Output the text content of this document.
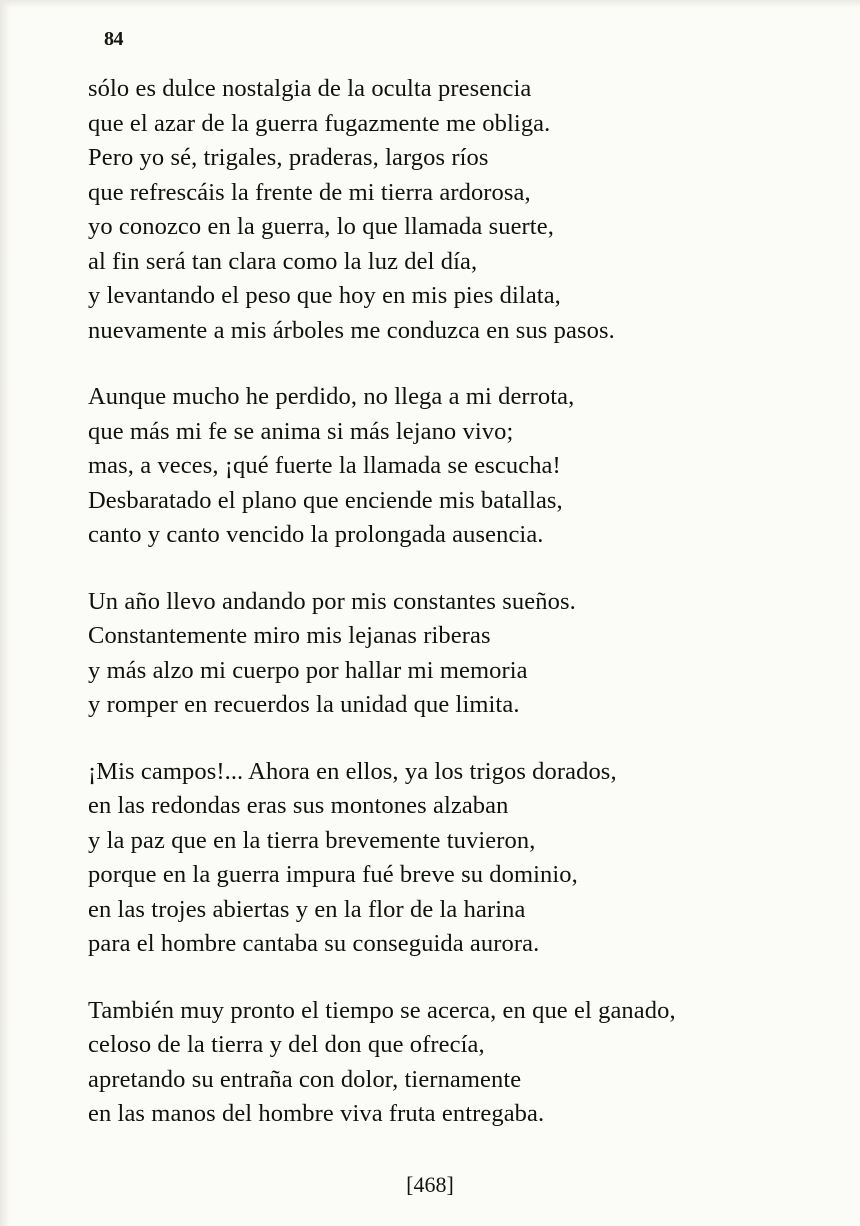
84
sólo es dulce nostalgia de la oculta presencia
que el azar de la guerra fugazmente me obliga.
Pero yo sé, trigales, praderas, largos ríos
que refrescáis la frente de mi tierra ardorosa,
yo conozco en la guerra, lo que llamada suerte,
al fin será tan clara como la luz del día,
y levantando el peso que hoy en mis pies dilata,
nuevamente a mis árboles me conduzca en sus pasos.
Aunque mucho he perdido, no llega a mi derrota,
que más mi fe se anima si más lejano vivo;
mas, a veces, ¡qué fuerte la llamada se escucha!
Desbaratado el plano que enciende mis batallas,
canto y canto vencido la prolongada ausencia.
Un año llevo andando por mis constantes sueños.
Constantemente miro mis lejanas riberas
y más alzo mi cuerpo por hallar mi memoria
y romper en recuerdos la unidad que limita.
¡Mis campos!... Ahora en ellos, ya los trigos dorados,
en las redondas eras sus montones alzaban
y la paz que en la tierra brevemente tuvieron,
porque en la guerra impura fué breve su dominio,
en las trojes abiertas y en la flor de la harina
para el hombre cantaba su conseguida aurora.
También muy pronto el tiempo se acerca, en que el ganado,
celoso de la tierra y del don que ofrecía,
apretando su entraña con dolor, tiernamente
en las manos del hombre viva fruta entregaba.
[468]
